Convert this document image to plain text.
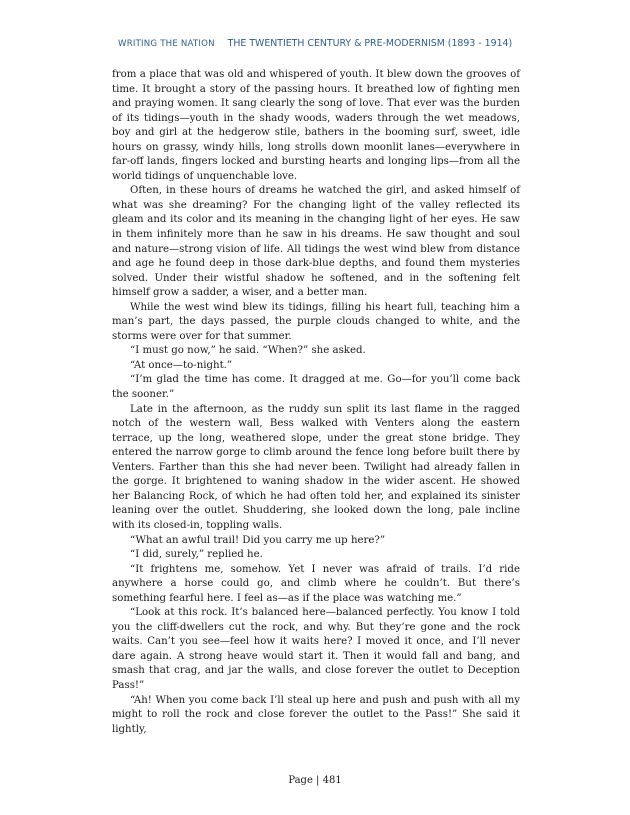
WRITING THE NATION THE TWENTIETH CENTURY & PRE-MODERNISM (1893 - 1914)

from a place that was old and whispered of youth. It blew down the grooves of time. It brought a story of the passing hours. It breathed low of fighting men and praying women. It sang clearly the song of love. That ever was the burden of its tidings—youth in the shady woods, waders through the wet meadows, boy and girl at the hedgerow stile, bathers in the booming surf, sweet, idle hours on grassy, windy hills, long strolls down moonlit lanes—everywhere in far-off lands, fingers locked and bursting hearts and longing lips—from all the world tidings of unquenchable love.

Often, in these hours of dreams he watched the girl, and asked himself of what was she dreaming? For the changing light of the valley reflected its gleam and its color and its meaning in the changing light of her eyes. He saw in them infinitely more than he saw in his dreams. He saw thought and soul and nature—strong vision of life. All tidings the west wind blew from distance and age he found deep in those dark-blue depths, and found them mysteries solved. Under their wistful shadow he softened, and in the softening felt himself grow a sadder, a wiser, and a better man.

While the west wind blew its tidings, filling his heart full, teaching him a man’s part, the days passed, the purple clouds changed to white, and the storms were over for that summer.

“I must go now,” he said. “When?” she asked.

“At once—to-night.”

“I’m glad the time has come. It dragged at me. Go—for you’ll come back the sooner.”

Late in the afternoon, as the ruddy sun split its last flame in the ragged notch of the western wall, Bess walked with Venters along the eastern terrace, up the long, weathered slope, under the great stone bridge. They entered the narrow gorge to climb around the fence long before built there by Venters. Farther than this she had never been. Twilight had already fallen in the gorge. It brightened to waning shadow in the wider ascent. He showed her Balancing Rock, of which he had often told her, and explained its sinister leaning over the outlet. Shuddering, she looked down the long, pale incline with its closed-in, toppling walls.

“What an awful trail! Did you carry me up here?”

“I did, surely,” replied he.

“It frightens me, somehow. Yet I never was afraid of trails. I’d ride anywhere a horse could go, and climb where he couldn’t. But there’s something fearful here. I feel as—as if the place was watching me.”

“Look at this rock. It’s balanced here—balanced perfectly. You know I told you the cliff-dwellers cut the rock, and why. But they’re gone and the rock waits. Can’t you see—feel how it waits here? I moved it once, and I’ll never dare again. A strong heave would start it. Then it would fall and bang, and smash that crag, and jar the walls, and close forever the outlet to Deception Pass!”

“Ah! When you come back I’ll steal up here and push and push with all my might to roll the rock and close forever the outlet to the Pass!” She said it lightly,

Page | 481
